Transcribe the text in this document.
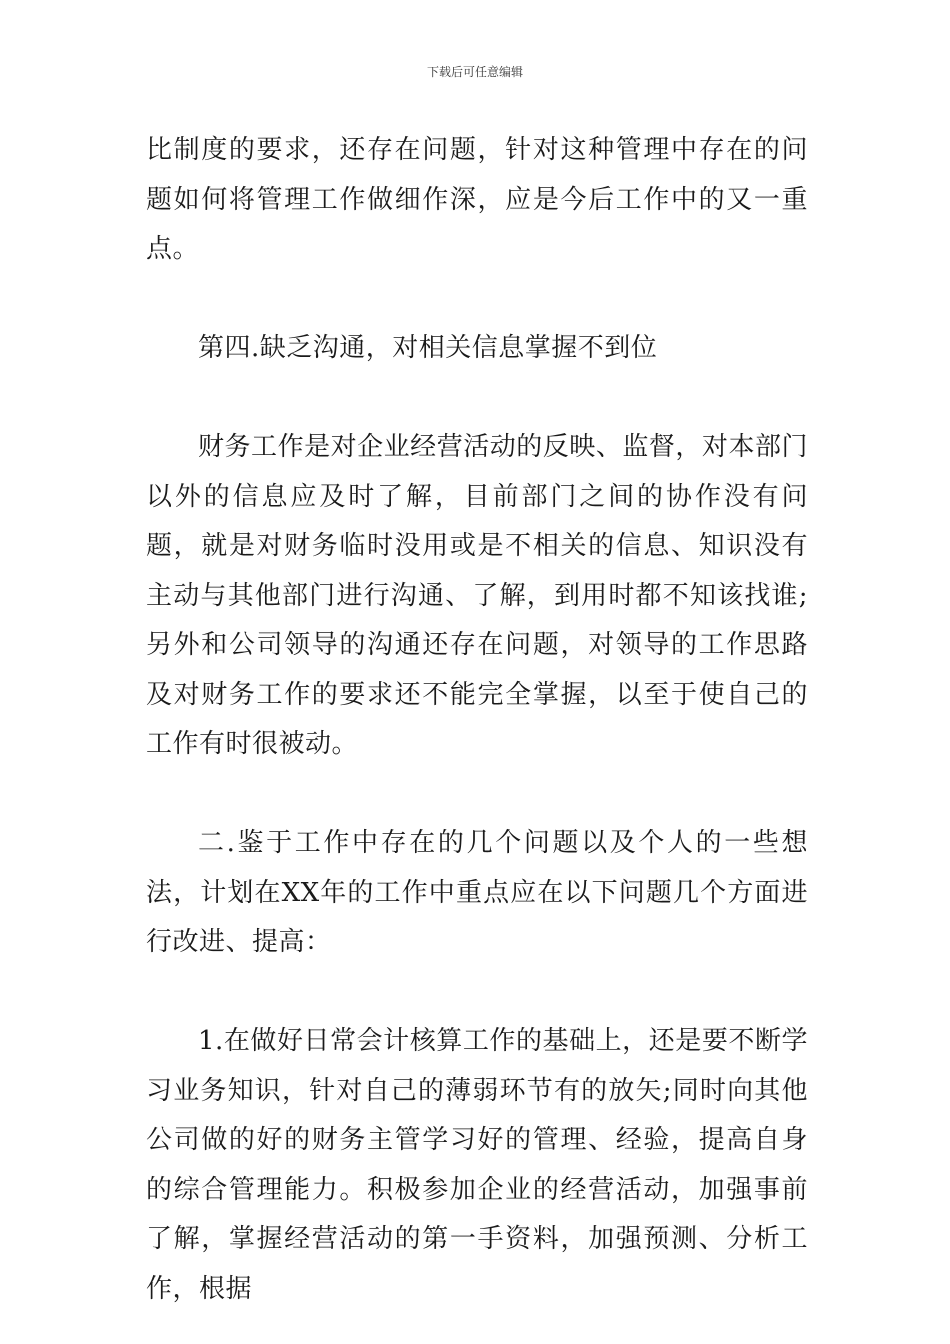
下载后可任意编辑

比制度的要求，还存在问题，针对这种管理中存在的问题如何将管理工作做细作深，应是今后工作中的又一重点。

第四.缺乏沟通，对相关信息掌握不到位

财务工作是对企业经营活动的反映、监督，对本部门以外的信息应及时了解，目前部门之间的协作没有问题，就是对财务临时没用或是不相关的信息、知识没有主动与其他部门进行沟通、了解，到用时都不知该找谁;另外和公司领导的沟通还存在问题，对领导的工作思路及对财务工作的要求还不能完全掌握，以至于使自己的工作有时很被动。

二.鉴于工作中存在的几个问题以及个人的一些想法，计划在XX年的工作中重点应在以下问题几个方面进行改进、提高：

1.在做好日常会计核算工作的基础上，还是要不断学习业务知识，针对自己的薄弱环节有的放矢;同时向其他公司做的好的财务主管学习好的管理、经验，提高自身的综合管理能力。积极参加企业的经营活动，加强事前了解，掌握经营活动的第一手资料，加强预测、分析工作，根据
